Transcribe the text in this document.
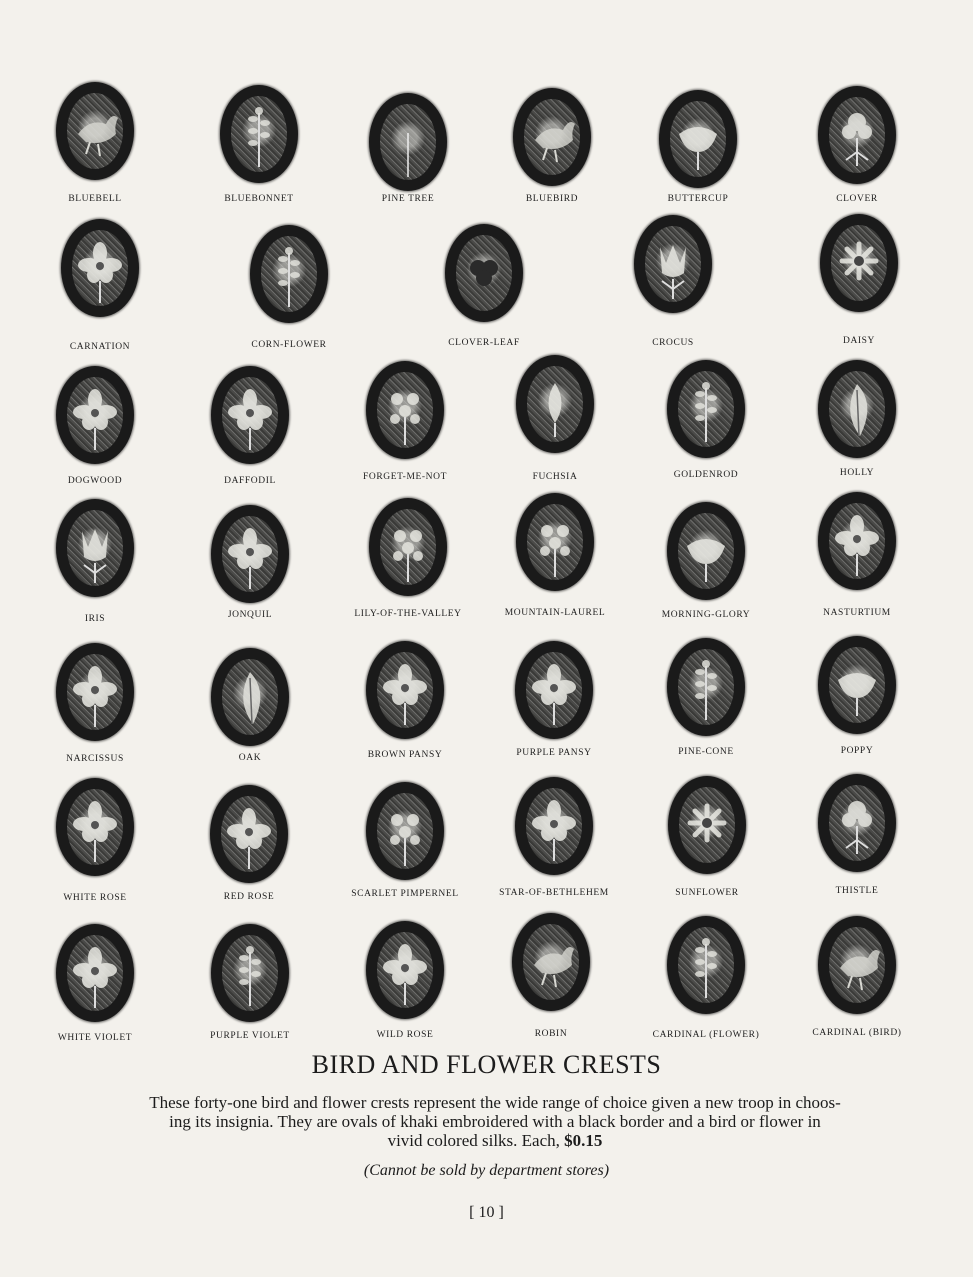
BLUEBELL	BLUEBONNET	PINE TREE	BLUEBIRD	BUTTERCUP	CLOVER
CARNATION	CORN-FLOWER	CLOVER-LEAF	CROCUS	DAISY
DOGWOOD	DAFFODIL	FORGET-ME-NOT	FUCHSIA	GOLDENROD	HOLLY
IRIS	JONQUIL	LILY-OF-THE-VALLEY	MOUNTAIN-LAUREL	MORNING-GLORY	NASTURTIUM
NARCISSUS	OAK	BROWN PANSY	PURPLE PANSY	PINE-CONE	POPPY
WHITE ROSE	RED ROSE	SCARLET PIMPERNEL	STAR-OF-BETHLEHEM	SUNFLOWER	THISTLE
WHITE VIOLET	PURPLE VIOLET	WILD ROSE	ROBIN	CARDINAL (FLOWER)	CARDINAL (BIRD)
BIRD AND FLOWER CRESTS

These forty-one bird and flower crests represent the wide range of choice given a new troop in choos-
ing its insignia. They are ovals of khaki embroidered with a black border and a bird or flower in
vivid colored silks. Each, $0.15

(Cannot be sold by department stores)

[ 10 ]
